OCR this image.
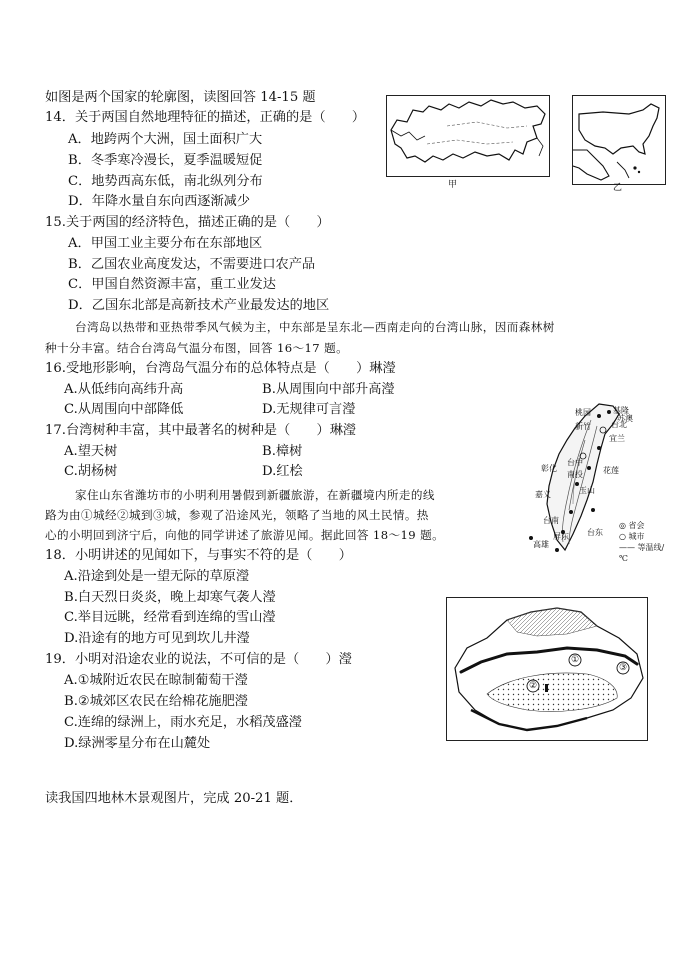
如图是两个国家的轮廓图，读图回答 14-15 题
14．关于两国自然地理特征的描述，正确的是（　　）
A．地跨两个大洲，国土面积广大
B．冬季寒冷漫长，夏季温暖短促
C．地势西高东低，南北纵列分布
D．年降水量自东向西逐渐减少
15.关于两国的经济特色，描述正确的是（　　）
A．甲国工业主要分布在东部地区
B．乙国农业高度发达，不需要进口农产品
C．甲国自然资源丰富，重工业发达
D．乙国东北部是高新技术产业最发达的地区
台湾岛以热带和亚热带季风气候为主，中东部是呈东北—西南走向的台湾山脉，因而森林树
种十分丰富。结合台湾岛气温分布图，回答 16～17 题。
16.受地形影响，台湾岛气温分布的总体特点是（　　）琳瀅
A.从低纬向高纬升高	B.从周围向中部升高瀅
C.从周围向中部降低	D.无规律可言瀅
17.台湾树种丰富，其中最著名的树种是（　　）琳瀅
A.望天树	B.樟树
C.胡杨树	D.红桧
家住山东省潍坊市的小明利用暑假到新疆旅游，在新疆境内所走的线
路为由①城经②城到③城，参观了沿途风光，领略了当地的风土民情。热
心的小明回到济宁后，向他的同学讲述了旅游见闻。据此回答 18～19 题。
18．小明讲述的见闻如下，与事实不符的是（　　）
A.沿途到处是一望无际的草原瀅
B.白天烈日炎炎，晚上却寒气袭人瀅
C.举目远眺，经常看到连绵的雪山瀅
D.沿途有的地方可见到坎儿井瀅
19．小明对沿途农业的说法，不可信的是（　　）瀅
A.①城附近农民在晾制葡萄干瀅
B.②城郊区农民在给棉花施肥瀅
C.连绵的绿洲上，雨水充足，水稻茂盛瀅
D.绿洲零星分布在山麓处
读我国四地林木景观图片，完成 20-21 题．
甲	乙
桃园	基隆
台北
新竹
宜兰
苏澳
彰化
台中
南投	花莲
玉山
嘉义
台东
台南
高雄
屏东
◎ 省会
○ 城市
—— 等温线/℃
①
②
③
